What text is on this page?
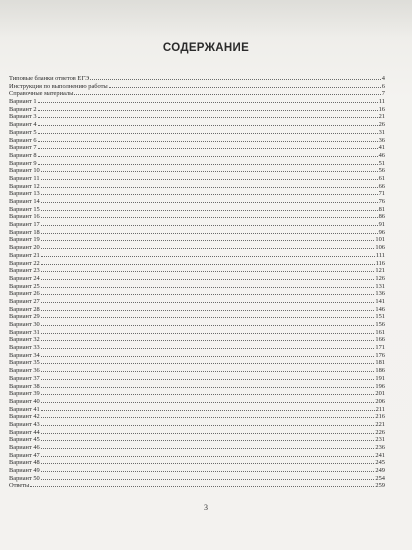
СОДЕРЖАНИЕ
Типовые бланки ответов ЕГЭ	4
Инструкция по выполнению работы	6
Справочные материалы	7
Вариант 1	11
Вариант 2	16
Вариант 3	21
Вариант 4	26
Вариант 5	31
Вариант 6	36
Вариант 7	41
Вариант 8	46
Вариант 9	51
Вариант 10	56
Вариант 11	61
Вариант 12	66
Вариант 13	71
Вариант 14	76
Вариант 15	81
Вариант 16	86
Вариант 17	91
Вариант 18	96
Вариант 19	101
Вариант 20	106
Вариант 21	111
Вариант 22	116
Вариант 23	121
Вариант 24	126
Вариант 25	131
Вариант 26	136
Вариант 27	141
Вариант 28	146
Вариант 29	151
Вариант 30	156
Вариант 31	161
Вариант 32	166
Вариант 33	171
Вариант 34	176
Вариант 35	181
Вариант 36	186
Вариант 37	191
Вариант 38	196
Вариант 39	201
Вариант 40	206
Вариант 41	211
Вариант 42	216
Вариант 43	221
Вариант 44	226
Вариант 45	231
Вариант 46	236
Вариант 47	241
Вариант 48	245
Вариант 49	249
Вариант 50	254
Ответы	259
3
